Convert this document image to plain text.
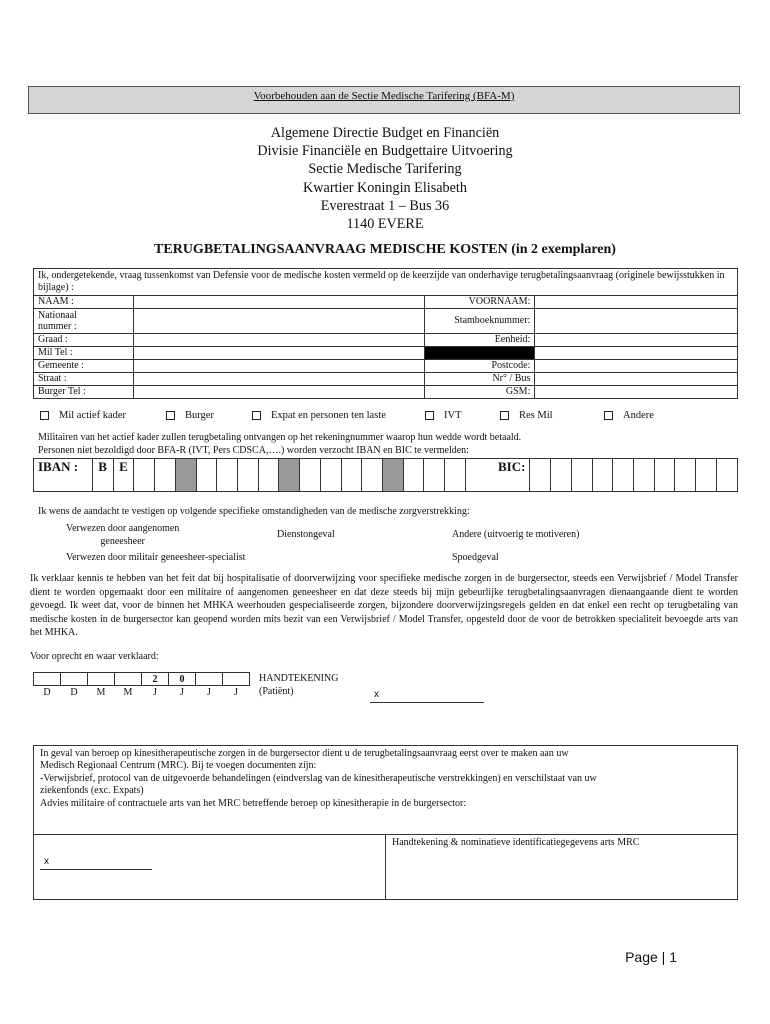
Voorbehouden aan de Sectie Medische Tarifering (BFA-M)
Algemene Directie Budget en Financiën
Divisie Financiële en Budgettaire Uitvoering
Sectie Medische Tarifering
Kwartier Koningin Elisabeth
Everestraat 1 – Bus 36
1140 EVERE
TERUGBETALINGSAANVRAAG MEDISCHE KOSTEN (in 2 exemplaren)
Ik, ondergetekende, vraag tussenkomst van Defensie voor de medische kosten vermeld op de keerzijde van onderhavige terugbetalingsaanvraag (originele bewijsstukken in bijlage) :			
NAAM :		VOORNAAM:	
Nationaal
nummer :		Stamboeknummer:	
Graad :		Eenheid:	
Mil Tel :			
Gemeente :		Postcode:	
Straat :		Nr° / Bus	
Burger Tel :		GSM:	
Mil actief kader	Burger	Expat en personen ten laste	IVT	Res Mil	Andere
Militairen van het actief kader zullen terugbetaling ontvangen op het rekeningnummer waarop hun wedde wordt betaald.
Personen niet bezoldigd door BFA-R (IVT, Pers CDSCA,….) worden verzocht IBAN en BIC te vermelden:
IBAN :	B	E																	BIC:										
Ik wens de aandacht te vestigen op volgende specifieke omstandigheden van de medische zorgverstrekking:
Verwezen door aangenomen
geneesheer
Dienstongeval	Andere (uitvoerig te motiveren)
Verwezen door militair geneesheer-specialist	Spoedgeval
Ik verklaar kennis te hebben van het feit dat bij hospitalisatie of doorverwijzing voor specifieke medische zorgen in de burgersector, steeds een Verwijsbrief / Model Transfer dient te worden opgemaakt door een militaire of aangenomen geneesheer en dat deze steeds bij mijn gebeurlijke terugbetalingsaanvragen dienaangaande dient te worden gevoegd. Ik weet dat, voor de binnen het MHKA weerhouden gespecialiseerde zorgen, bijzondere doorverwijzingsregels gelden en dat enkel een recht op terugbetaling van medische kosten in de burgersector kan geopend worden mits bezit van een Verwijsbrief / Model Transfer, opgesteld door de voor de betrokken specialiteit bevoegde arts van het MHKA.
Voor oprecht en waar verklaard:
				2	0		
D	D	M	M	J	J	J	J
HANDTEKENING
(Patiënt)	x
In geval van beroep op kinesitherapeutische zorgen in de burgersector dient u de terugbetalingsaanvraag eerst over te maken aan uw
Medisch Regionaal Centrum (MRC). Bij te voegen documenten zijn:
-Verwijsbrief, protocol van de uitgevoerde behandelingen (eindverslag van de kinesitherapeutische verstrekkingen) en verschilstaat van uw
ziekenfonds (exc. Expats)
Advies militaire of contractuele arts van het MRC betreffende beroep op kinesitherapie in de burgersector:
x
Handtekening & nominatieve identificatiegegevens arts MRC
Page | 1
